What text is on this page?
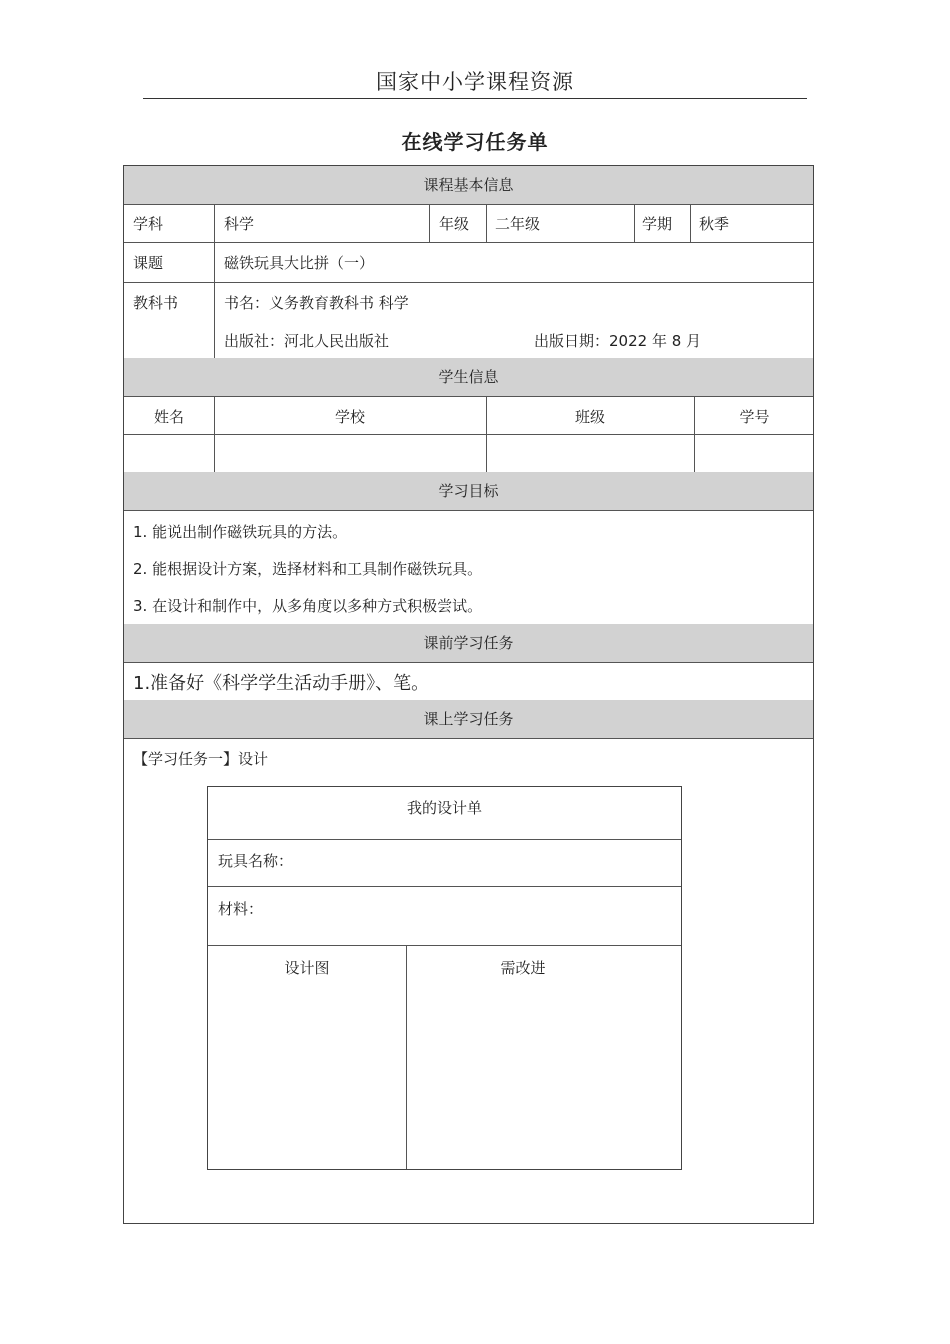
国家中小学课程资源
在线学习任务单
课程基本信息
学科	科学	年级 二年级	学期 秋季
课题	磁铁玩具大比拼（一）
教科书	书名：义务教育教科书 科学
出版社：河北人民出版社	出版日期：2022 年 8 月
学生信息
姓名	学校	班级	学号
学习目标
1. 能说出制作磁铁玩具的方法。
2. 能根据设计方案，选择材料和工具制作磁铁玩具。
3. 在设计和制作中，从多角度以多种方式积极尝试。
课前学习任务
1.准备好《科学学生活动手册》、笔。
课上学习任务
【学习任务一】设计
我的设计单
玩具名称：
材料：
设计图	需改进
